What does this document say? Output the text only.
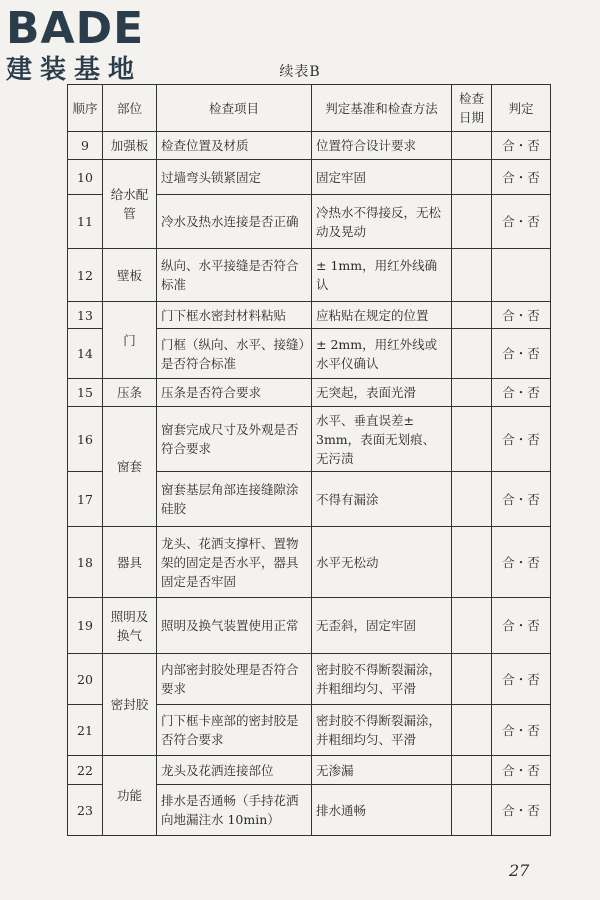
BADE
建装基地	续表B
顺序	部位	检查项目	判定基准和检查方法	检查日期	判定
9	加强板	检查位置及材质	位置符合设计要求		合・否
10	给水配管	过墙弯头锁紧固定	固定牢固		合・否
11		冷水及热水连接是否正确	冷热水不得接反，无松动及晃动		合・否
12	壁板	纵向、水平接缝是否符合标准	± 1mm，用红外线确认		
13	门	门下框水密封材料粘贴	应粘贴在规定的位置		合・否
14		门框（纵向、水平、接缝）是否符合标准	± 2mm，用红外线或水平仪确认		合・否
15	压条	压条是否符合要求	无突起，表面光滑		合・否
16	窗套	窗套完成尺寸及外观是否符合要求	水平、垂直误差± 3mm，表面无划痕、无污渍		合・否
17		窗套基层角部连接缝隙涂硅胶	不得有漏涂		合・否
18	器具	龙头、花洒支撑杆、置物架的固定是否水平，器具固定是否牢固	水平无松动		合・否
19	照明及换气	照明及换气装置使用正常	无歪斜，固定牢固		合・否
20	密封胶	内部密封胶处理是否符合要求	密封胶不得断裂漏涂，并粗细均匀、平滑		合・否
21		门下框卡座部的密封胶是否符合要求	密封胶不得断裂漏涂，并粗细均匀、平滑		合・否
22	功能	龙头及花洒连接部位	无渗漏		合・否
23		排水是否通畅（手持花洒向地漏注水 10min）	排水通畅		合・否
27
